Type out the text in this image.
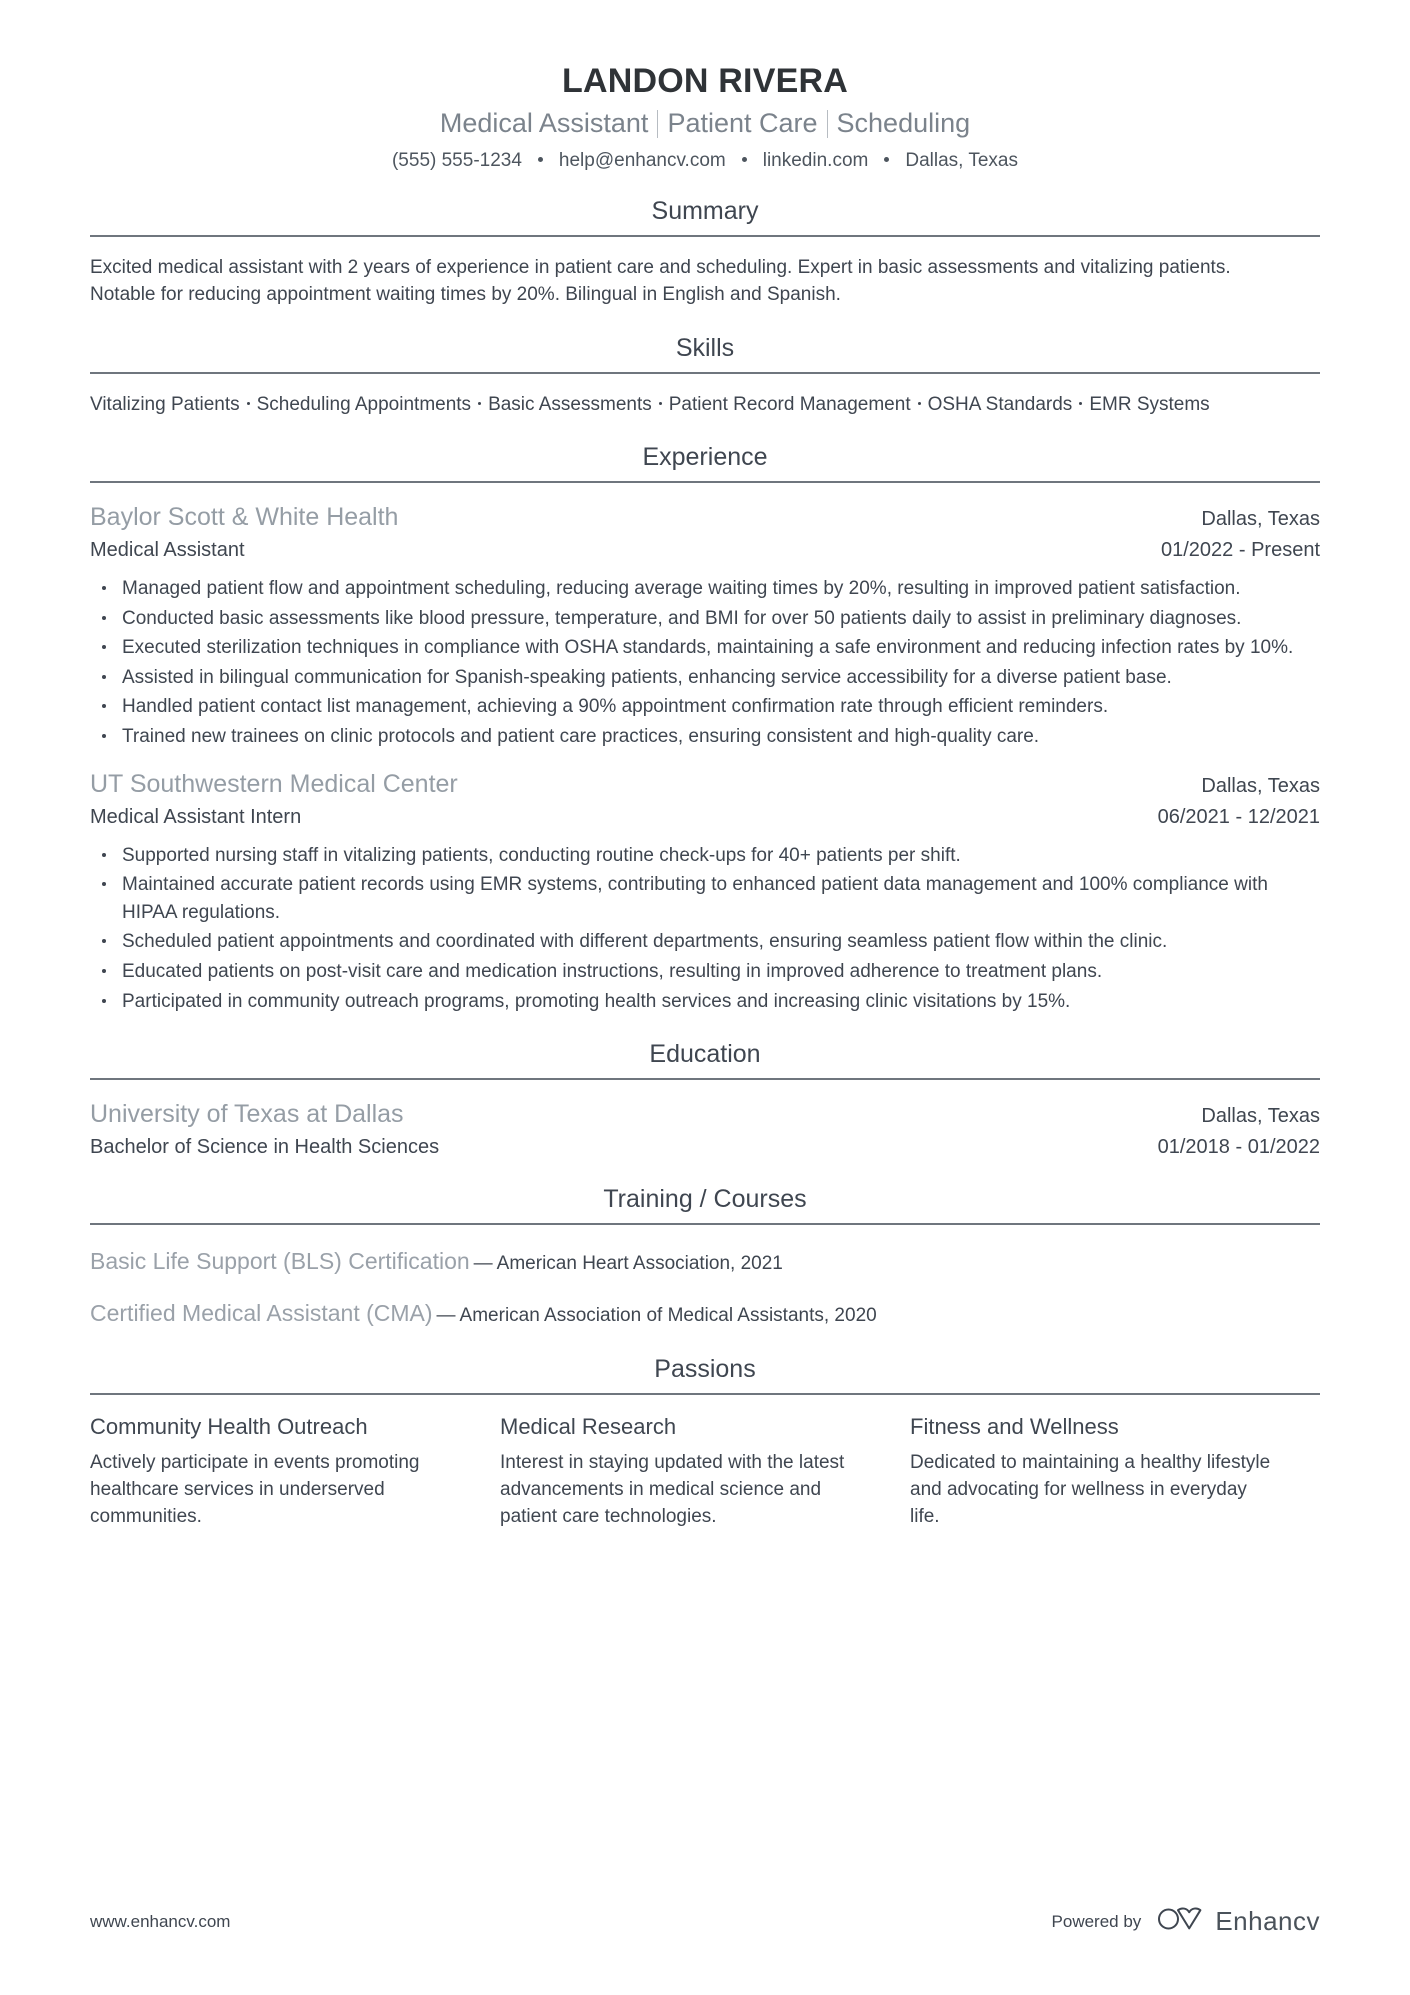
LANDON RIVERA
Medical Assistant Patient Care Scheduling
(555) 555-1234 help@enhancv.com linkedin.com Dallas, Texas
Summary
Excited medical assistant with 2 years of experience in patient care and scheduling. Expert in basic assessments and vitalizing patients. Notable for reducing appointment waiting times by 20%. Bilingual in English and Spanish.
Skills
Vitalizing Patients Scheduling Appointments Basic Assessments Patient Record Management OSHA Standards EMR Systems
Experience
Baylor Scott & White Health	Dallas, Texas
Medical Assistant	01/2022 - Present
Managed patient flow and appointment scheduling, reducing average waiting times by 20%, resulting in improved patient satisfaction.
Conducted basic assessments like blood pressure, temperature, and BMI for over 50 patients daily to assist in preliminary diagnoses.
Executed sterilization techniques in compliance with OSHA standards, maintaining a safe environment and reducing infection rates by 10%.
Assisted in bilingual communication for Spanish-speaking patients, enhancing service accessibility for a diverse patient base.
Handled patient contact list management, achieving a 90% appointment confirmation rate through efficient reminders.
Trained new trainees on clinic protocols and patient care practices, ensuring consistent and high-quality care.
UT Southwestern Medical Center	Dallas, Texas
Medical Assistant Intern	06/2021 - 12/2021
Supported nursing staff in vitalizing patients, conducting routine check-ups for 40+ patients per shift.
Maintained accurate patient records using EMR systems, contributing to enhanced patient data management and 100% compliance with HIPAA regulations.
Scheduled patient appointments and coordinated with different departments, ensuring seamless patient flow within the clinic.
Educated patients on post-visit care and medication instructions, resulting in improved adherence to treatment plans.
Participated in community outreach programs, promoting health services and increasing clinic visitations by 15%.
Education
University of Texas at Dallas	Dallas, Texas
Bachelor of Science in Health Sciences	01/2018 - 01/2022
Training / Courses
Basic Life Support (BLS) Certification — American Heart Association, 2021
Certified Medical Assistant (CMA) — American Association of Medical Assistants, 2020
Passions
Community Health Outreach
Actively participate in events promoting healthcare services in underserved communities.
Medical Research
Interest in staying updated with the latest advancements in medical science and patient care technologies.
Fitness and Wellness
Dedicated to maintaining a healthy lifestyle and advocating for wellness in everyday life.
www.enhancv.com	Powered by	Enhancv
